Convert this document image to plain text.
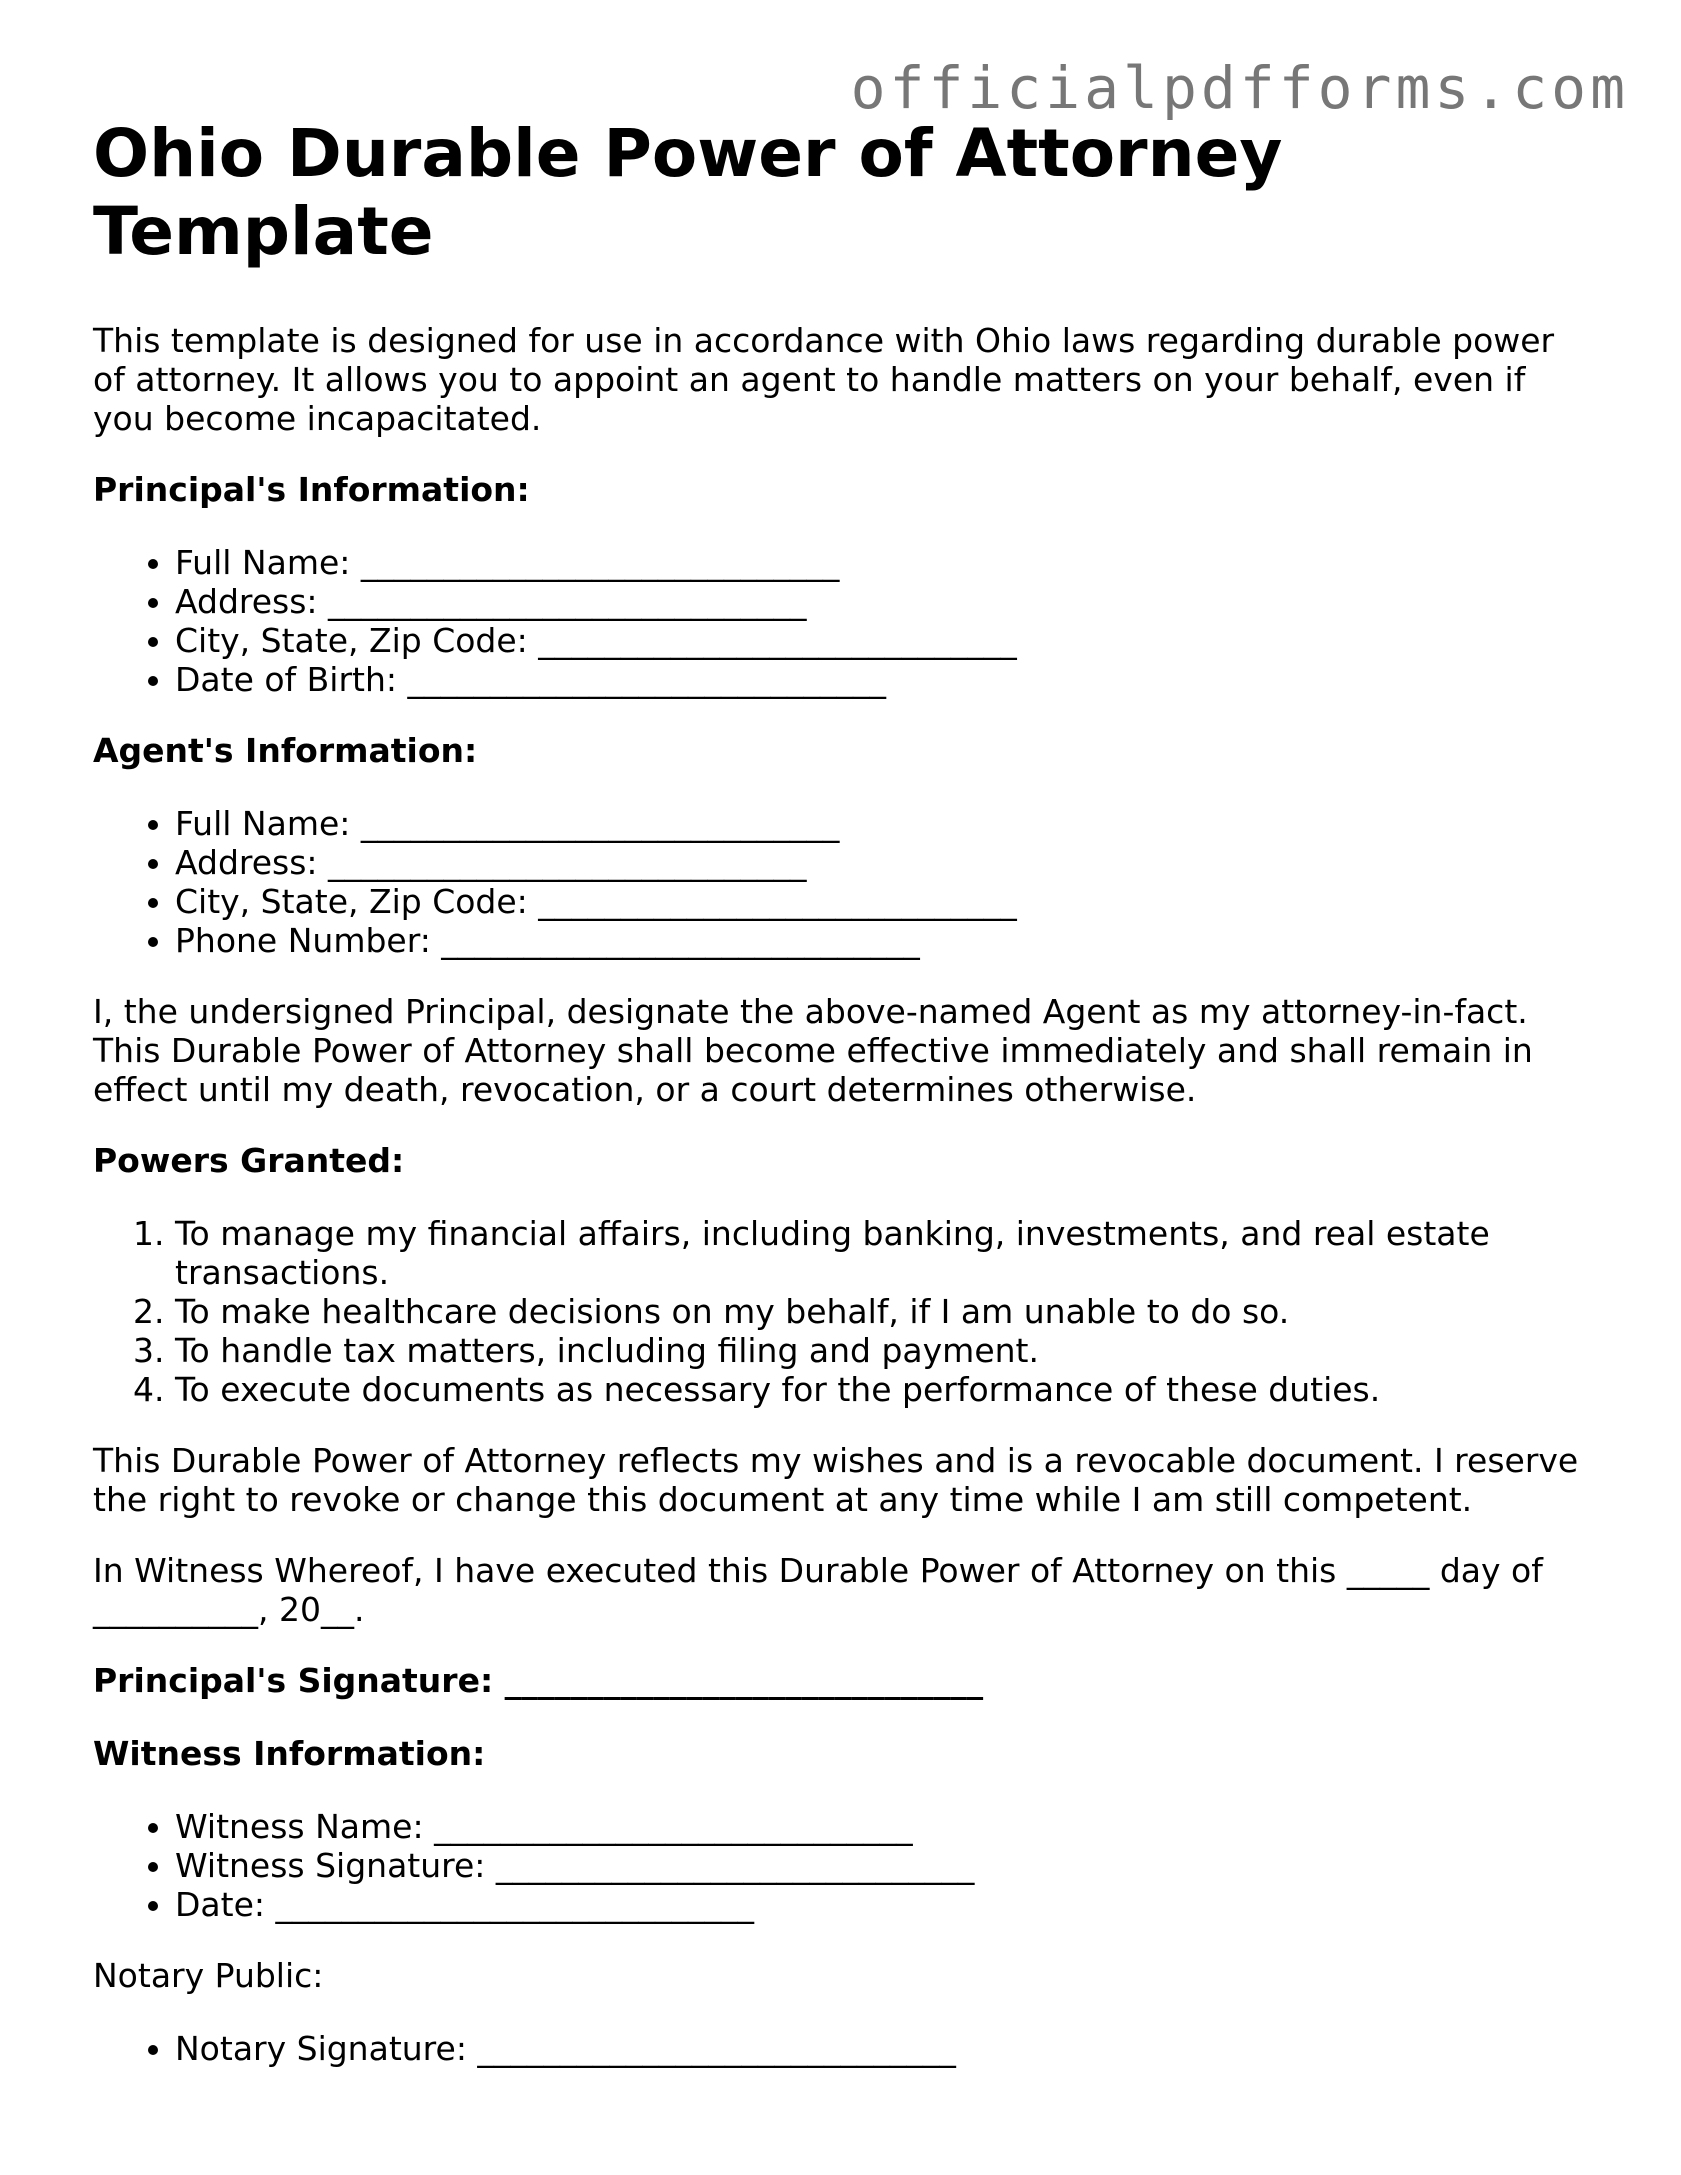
officialpdfforms.com
Ohio Durable Power of Attorney Template

This template is designed for use in accordance with Ohio laws regarding durable power of attorney. It allows you to appoint an agent to handle matters on your behalf, even if you become incapacitated.

Principal's Information:

• Full Name: _____________________________
• Address: _____________________________
• City, State, Zip Code: _____________________________
• Date of Birth: _____________________________

Agent's Information:

• Full Name: _____________________________
• Address: _____________________________
• City, State, Zip Code: _____________________________
• Phone Number: _____________________________

I, the undersigned Principal, designate the above-named Agent as my attorney-in-fact. This Durable Power of Attorney shall become effective immediately and shall remain in effect until my death, revocation, or a court determines otherwise.

Powers Granted:

1. To manage my financial affairs, including banking, investments, and real estate transactions.
2. To make healthcare decisions on my behalf, if I am unable to do so.
3. To handle tax matters, including filing and payment.
4. To execute documents as necessary for the performance of these duties.

This Durable Power of Attorney reflects my wishes and is a revocable document. I reserve the right to revoke or change this document at any time while I am still competent.

In Witness Whereof, I have executed this Durable Power of Attorney on this _____ day of __________, 20__.

Principal's Signature: _____________________________

Witness Information:

• Witness Name: _____________________________
• Witness Signature: _____________________________
• Date: _____________________________

Notary Public:

• Notary Signature: _____________________________
